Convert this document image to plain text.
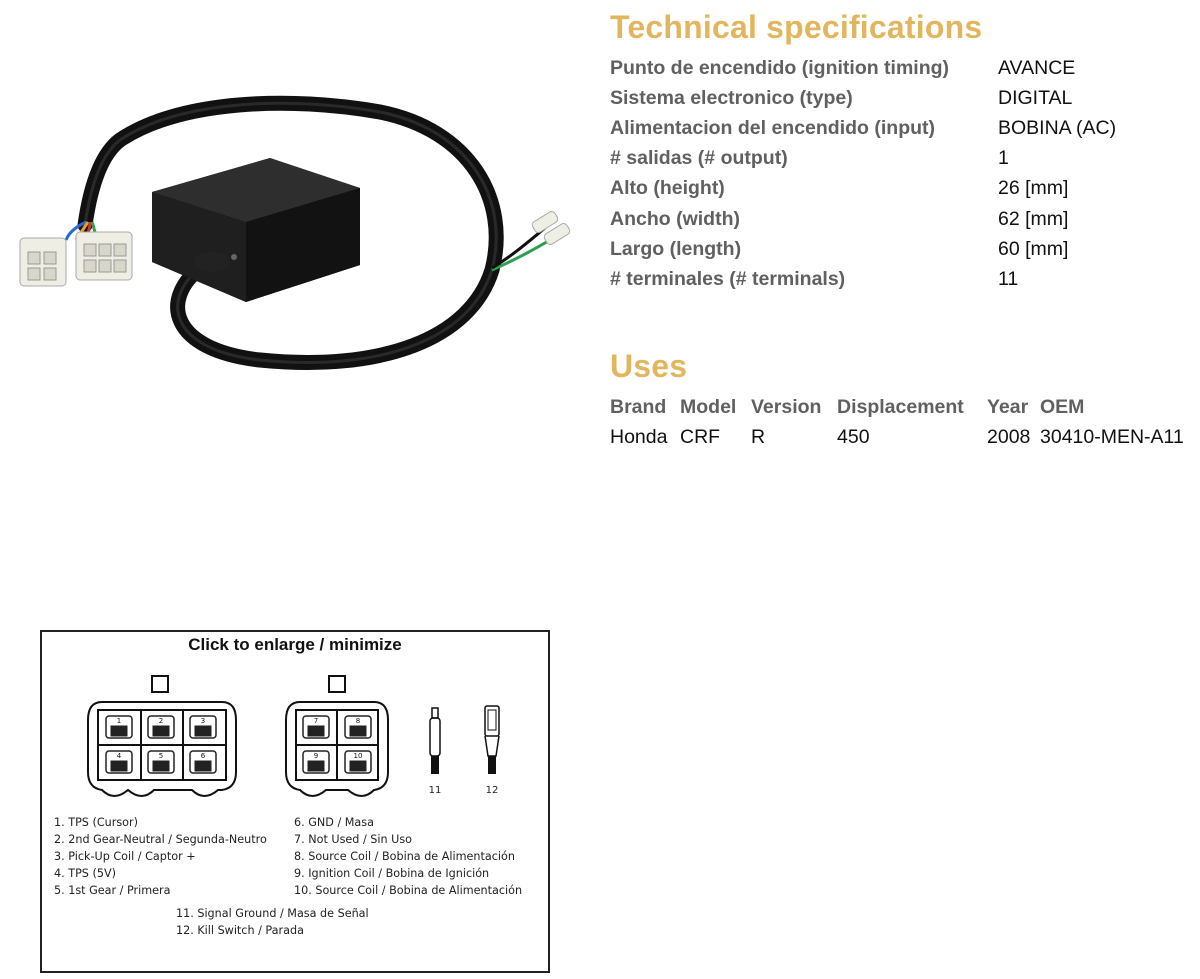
Technical specifications
Punto de encendido (ignition timing)	AVANCE
Sistema electronico (type)	DIGITAL
Alimentacion del encendido (input)	BOBINA (AC)
# salidas (# output)	1
Alto (height)	26 [mm]
Ancho (width)	62 [mm]
Largo (length)	60 [mm]
# terminales (# terminals)	11
Uses
Brand	Model	Version	Displacement	Year	OEM
Honda	CRF	R	450	2008	30410-MEN-A11
Click to enlarge / minimize
1	2	3
4	5	6
7	8
9	10
11	12
1. TPS (Cursor)
2. 2nd Gear-Neutral / Segunda-Neutro
3. Pick-Up Coil / Captor +
4. TPS (5V)
5. 1st Gear / Primera
6. GND / Masa
7. Not Used / Sin Uso
8. Source Coil / Bobina de Alimentación
9. Ignition Coil / Bobina de Ignición
10. Source Coil / Bobina de Alimentación
11. Signal Ground / Masa de Señal
12. Kill Switch / Parada
